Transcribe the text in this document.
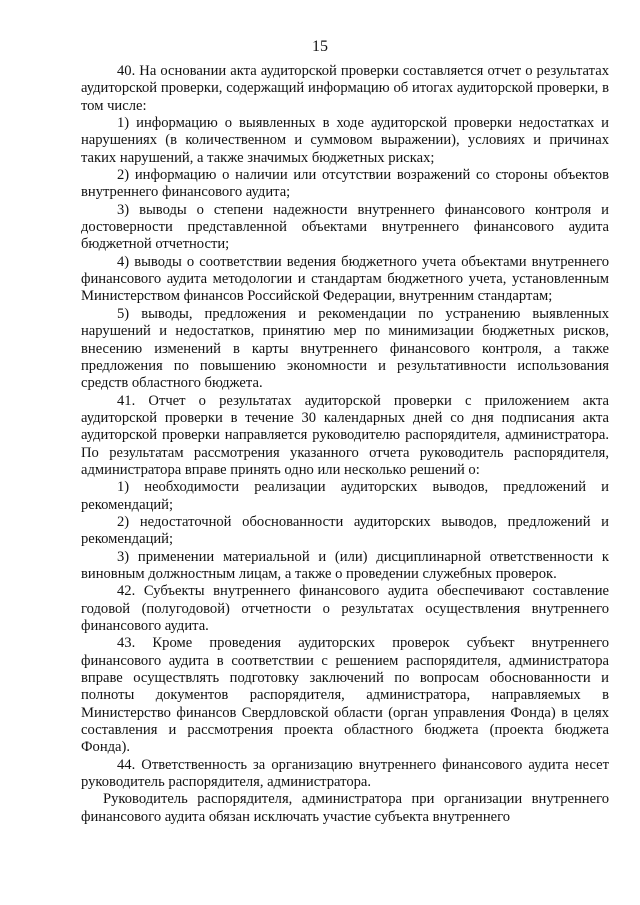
15

40. На основании акта аудиторской проверки составляется отчет о результатах аудиторской проверки, содержащий информацию об итогах аудиторской проверки, в том числе:

1) информацию о выявленных в ходе аудиторской проверки недостатках и нарушениях (в количественном и суммовом выражении), условиях и причинах таких нарушений, а также значимых бюджетных рисках;

2) информацию о наличии или отсутствии возражений со стороны объектов внутреннего финансового аудита;

3) выводы о степени надежности внутреннего финансового контроля и достоверности представленной объектами внутреннего финансового аудита бюджетной отчетности;

4) выводы о соответствии ведения бюджетного учета объектами внутреннего финансового аудита методологии и стандартам бюджетного учета, установленным Министерством финансов Российской Федерации, внутренним стандартам;

5) выводы, предложения и рекомендации по устранению выявленных нарушений и недостатков, принятию мер по минимизации бюджетных рисков, внесению изменений в карты внутреннего финансового контроля, а также предложения по повышению экономности и результативности использования средств областного бюджета.

41. Отчет о результатах аудиторской проверки с приложением акта аудиторской проверки в течение 30 календарных дней со дня подписания акта аудиторской проверки направляется руководителю распорядителя, администратора. По результатам рассмотрения указанного отчета руководитель распорядителя, администратора вправе принять одно или несколько решений о:

1) необходимости реализации аудиторских выводов, предложений и рекомендаций;

2) недостаточной обоснованности аудиторских выводов, предложений и рекомендаций;

3) применении материальной и (или) дисциплинарной ответственности к виновным должностным лицам, а также о проведении служебных проверок.

42. Субъекты внутреннего финансового аудита обеспечивают составление годовой (полугодовой) отчетности о результатах осуществления внутреннего финансового аудита.

43. Кроме проведения аудиторских проверок субъект внутреннего финансового аудита в соответствии с решением распорядителя, администратора вправе осуществлять подготовку заключений по вопросам обоснованности и полноты документов распорядителя, администратора, направляемых в Министерство финансов Свердловской области (орган управления Фонда) в целях составления и рассмотрения проекта областного бюджета (проекта бюджета Фонда).

44. Ответственность за организацию внутреннего финансового аудита несет руководитель распорядителя, администратора.

Руководитель распорядителя, администратора при организации внутреннего финансового аудита обязан исключать участие субъекта внутреннего
